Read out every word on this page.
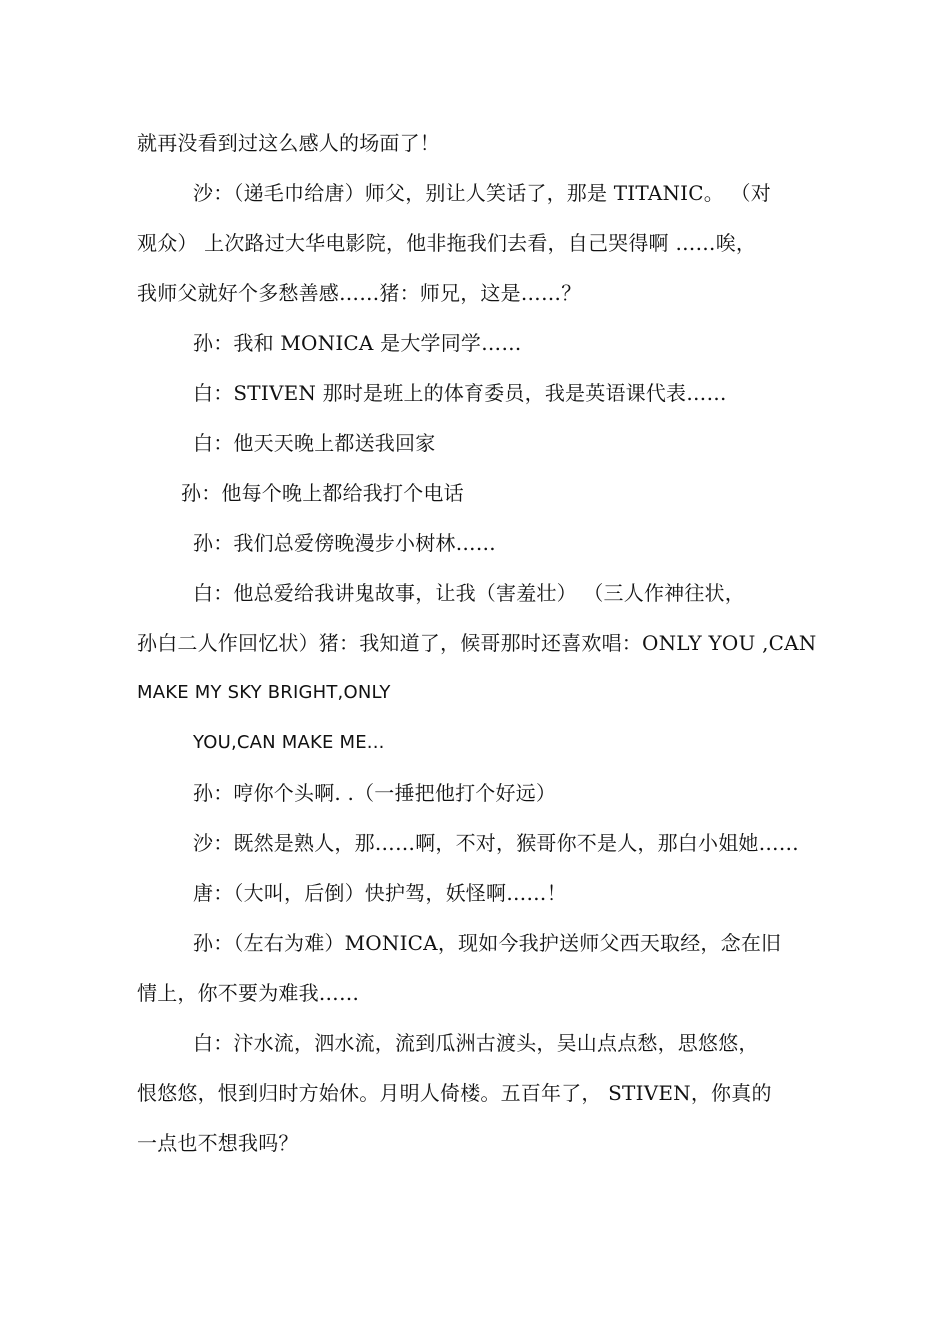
就再没看到过这么感人的场面了！
沙：（递毛巾给唐）师父，别让人笑话了，那是 TITANIC。 （对
观众） 上次路过大华电影院，他非拖我们去看，自己哭得啊 ……唉，
我师父就好个多愁善感……猪：师兄，这是……？
孙：我和 MONICA 是大学同学……
白：STIVEN 那时是班上的体育委员，我是英语课代表……
白：他天天晚上都送我回家
孙：他每个晚上都给我打个电话
孙：我们总爱傍晚漫步小树林……
白：他总爱给我讲鬼故事，让我（害羞壮） （三人作神往状，
孙白二人作回忆状）猪：我知道了，候哥那时还喜欢唱：ONLY YOU ,CAN
MAKE MY SKY BRIGHT,ONLY
YOU,CAN MAKE ME...
孙：哼你个头啊. .（一捶把他打个好远）
沙：既然是熟人，那……啊，不对，猴哥你不是人，那白小姐她……
唐：（大叫，后倒）快护驾，妖怪啊……！
孙：（左右为难）MONICA，现如今我护送师父西天取经，念在旧
情上，你不要为难我……
白：汴水流，泗水流，流到瓜洲古渡头，吴山点点愁，思悠悠，
恨悠悠，恨到归时方始休。月明人倚楼。五百年了， STIVEN，你真的
一点也不想我吗？
